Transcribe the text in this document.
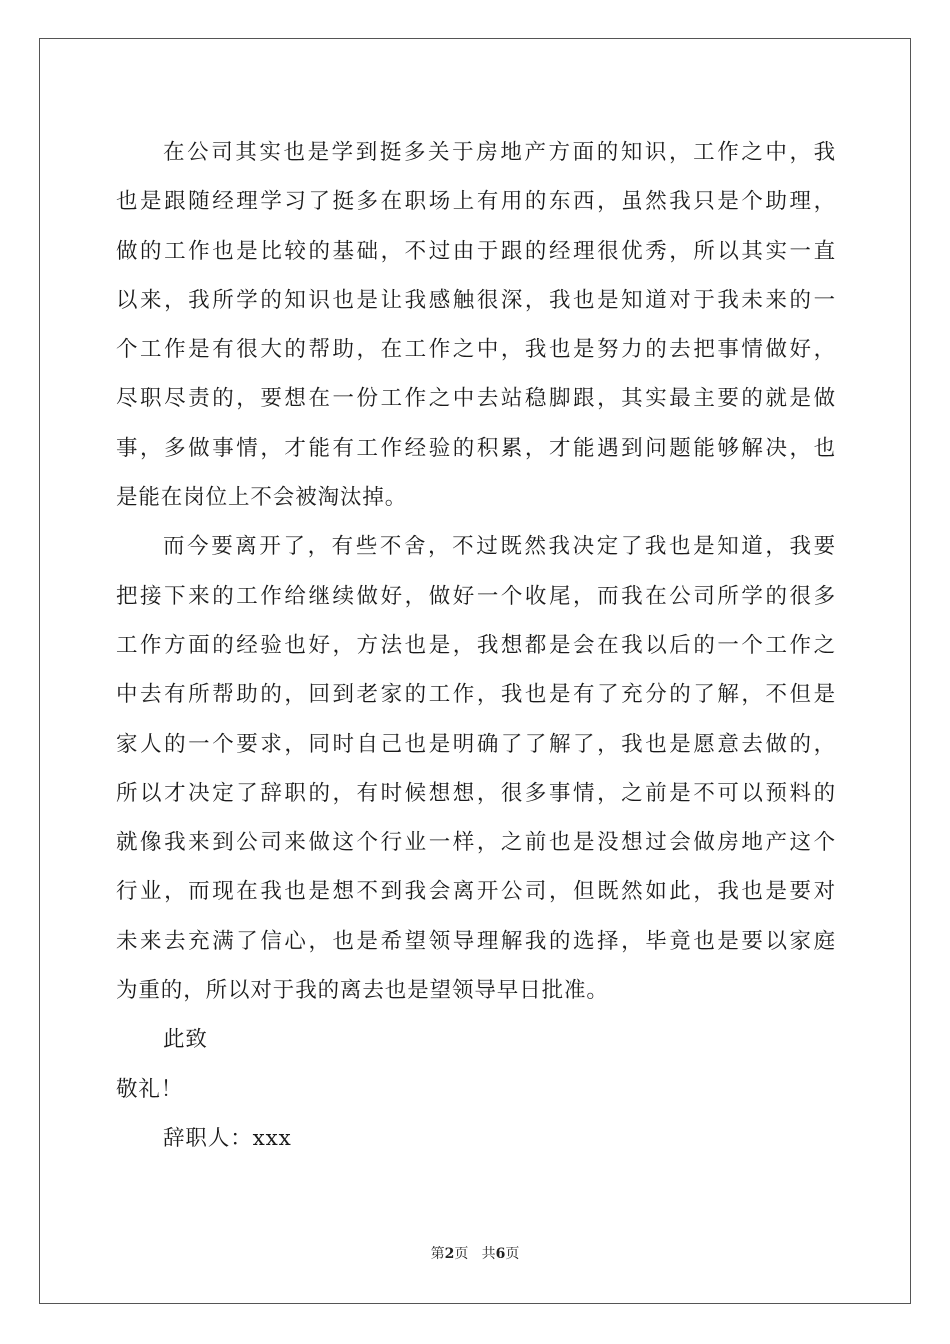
在公司其实也是学到挺多关于房地产方面的知识，工作之中，我
也是跟随经理学习了挺多在职场上有用的东西，虽然我只是个助理，
做的工作也是比较的基础，不过由于跟的经理很优秀，所以其实一直
以来，我所学的知识也是让我感触很深，我也是知道对于我未来的一
个工作是有很大的帮助，在工作之中，我也是努力的去把事情做好，
尽职尽责的，要想在一份工作之中去站稳脚跟，其实最主要的就是做
事，多做事情，才能有工作经验的积累，才能遇到问题能够解决，也
是能在岗位上不会被淘汰掉。
而今要离开了，有些不舍，不过既然我决定了我也是知道，我要
把接下来的工作给继续做好，做好一个收尾，而我在公司所学的很多
工作方面的经验也好，方法也是，我想都是会在我以后的一个工作之
中去有所帮助的，回到老家的工作，我也是有了充分的了解，不但是
家人的一个要求，同时自己也是明确了了解了，我也是愿意去做的，
所以才决定了辞职的，有时候想想，很多事情，之前是不可以预料的
就像我来到公司来做这个行业一样，之前也是没想过会做房地产这个
行业，而现在我也是想不到我会离开公司，但既然如此，我也是要对
未来去充满了信心，也是希望领导理解我的选择，毕竟也是要以家庭
为重的，所以对于我的离去也是望领导早日批准。
此致
敬礼！
辞职人：xxx
第2页 共6页
